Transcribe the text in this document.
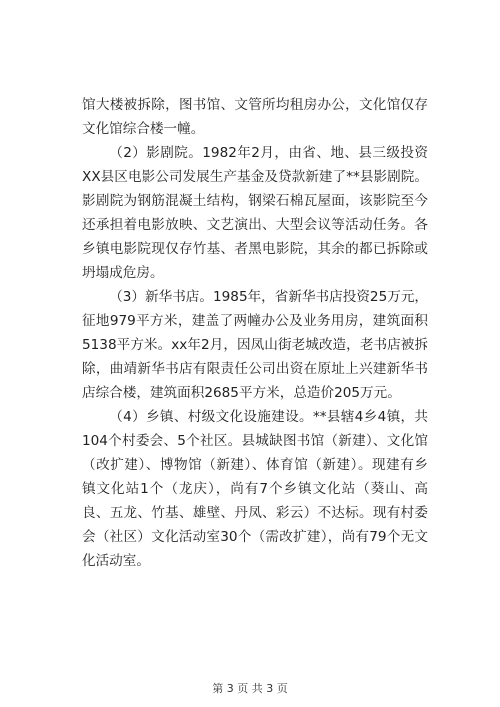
馆大楼被拆除，图书馆、文管所均租房办公，文化馆仅存文化馆综合楼一幢。

（2）影剧院。1982年2月，由省、地、县三级投资XX县区电影公司发展生产基金及贷款新建了**县影剧院。影剧院为钢筋混凝土结构，钢梁石棉瓦屋面，该影院至今还承担着电影放映、文艺演出、大型会议等活动任务。各乡镇电影院现仅存竹基、者黑电影院，其余的都已拆除或坍塌成危房。

（3）新华书店。1985年，省新华书店投资25万元，征地979平方米，建盖了两幢办公及业务用房，建筑面积5138平方米。xx年2月，因凤山街老城改造，老书店被拆除，曲靖新华书店有限责任公司出资在原址上兴建新华书店综合楼，建筑面积2685平方米，总造价205万元。

（4）乡镇、村级文化设施建设。**县辖4乡4镇，共104个村委会、5个社区。县城缺图书馆（新建）、文化馆（改扩建）、博物馆（新建）、体育馆（新建）。现建有乡镇文化站1个（龙庆），尚有7个乡镇文化站（葵山、高良、五龙、竹基、雄壁、丹凤、彩云）不达标。现有村委会（社区）文化活动室30个（需改扩建），尚有79个无文化活动室。

第 3 页 共 3 页
